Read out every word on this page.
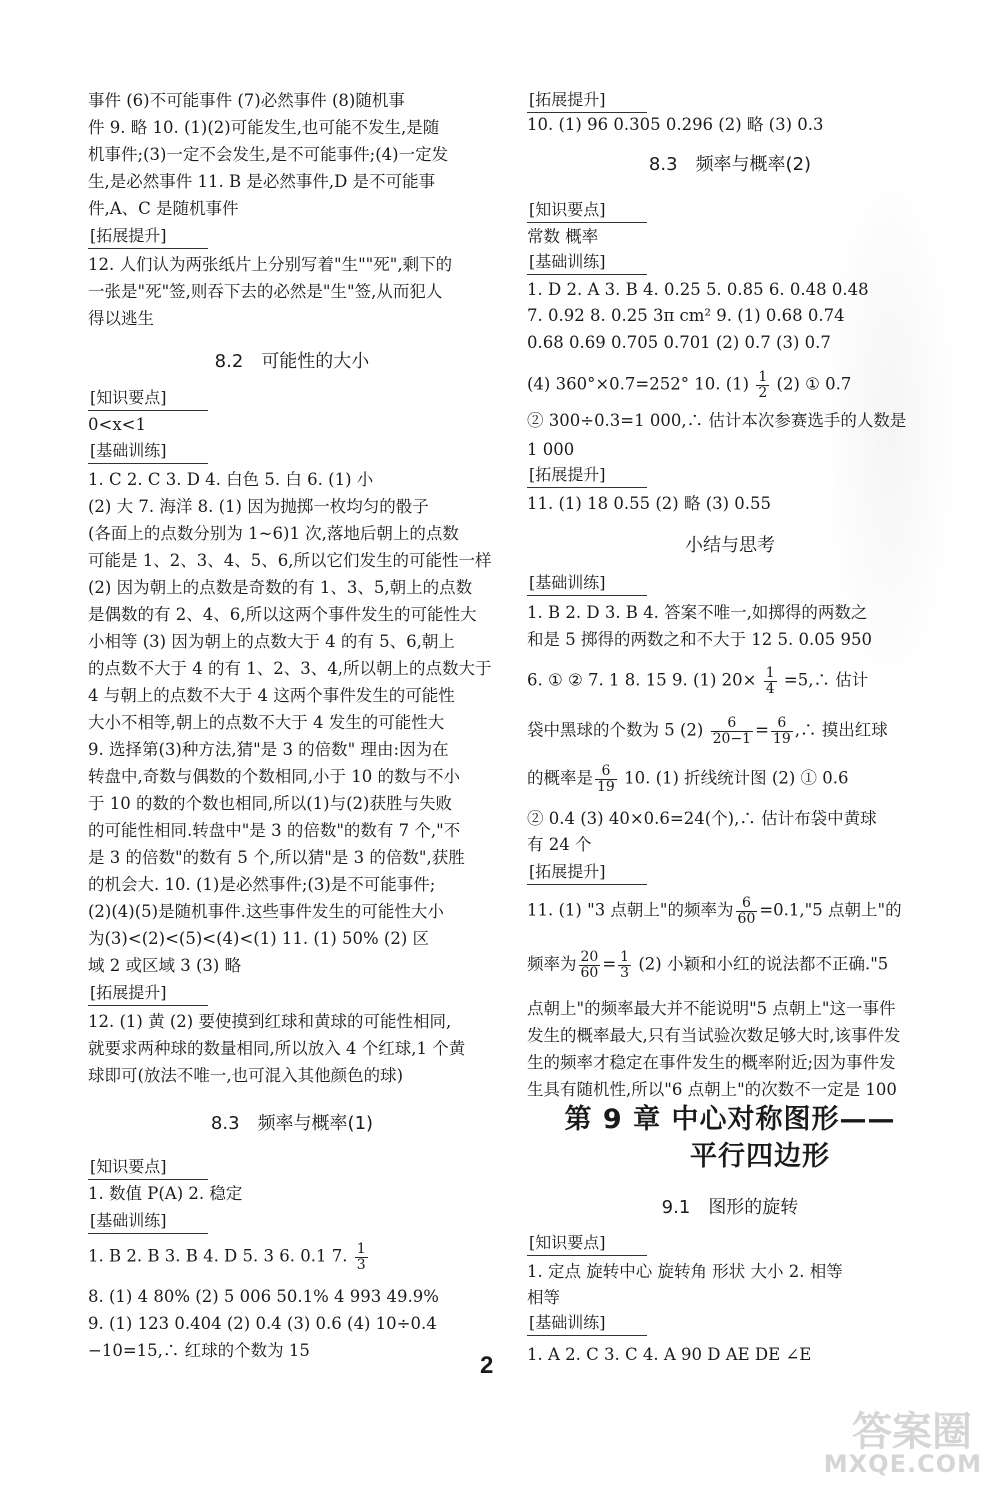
事件 (6)不可能事件 (7)必然事件 (8)随机事
件 9. 略 10. (1)(2)可能发生,也可能不发生,是随
机事件;(3)一定不会发生,是不可能事件;(4)一定发
生,是必然事件 11. B 是必然事件,D 是不可能事
件,A、C 是随机事件
[拓展提升]
12. 人们认为两张纸片上分别写着"生""死",剩下的
一张是"死"签,则吞下去的必然是"生"签,从而犯人
得以逃生
8.2 可能性的大小
[知识要点]
0<x<1
[基础训练]
1. C 2. C 3. D 4. 白色 5. 白 6. (1) 小
(2) 大 7. 海洋 8. (1) 因为抛掷一枚均匀的骰子
(各面上的点数分别为 1~6)1 次,落地后朝上的点数
可能是 1、2、3、4、5、6,所以它们发生的可能性一样
(2) 因为朝上的点数是奇数的有 1、3、5,朝上的点数
是偶数的有 2、4、6,所以这两个事件发生的可能性大
小相等 (3) 因为朝上的点数大于 4 的有 5、6,朝上
的点数不大于 4 的有 1、2、3、4,所以朝上的点数大于
4 与朝上的点数不大于 4 这两个事件发生的可能性
大小不相等,朝上的点数不大于 4 发生的可能性大
9. 选择第(3)种方法,猜"是 3 的倍数" 理由:因为在
转盘中,奇数与偶数的个数相同,小于 10 的数与不小
于 10 的数的个数也相同,所以(1)与(2)获胜与失败
的可能性相同.转盘中"是 3 的倍数"的数有 7 个,"不
是 3 的倍数"的数有 5 个,所以猜"是 3 的倍数",获胜
的机会大. 10. (1)是必然事件;(3)是不可能事件;
(2)(4)(5)是随机事件.这些事件发生的可能性大小
为(3)<(2)<(5)<(4)<(1) 11. (1) 50% (2) 区
域 2 或区域 3 (3) 略
[拓展提升]
12. (1) 黄 (2) 要使摸到红球和黄球的可能性相同,
就要求两种球的数量相同,所以放入 4 个红球,1 个黄
球即可(放法不唯一,也可混入其他颜色的球)
8.3 频率与概率(1)
[知识要点]
1. 数值 P(A) 2. 稳定
[基础训练]
1. B 2. B 3. B 4. D 5. 3 6. 0.1 7. $\frac{1}{3}$
8. (1) 4 80% (2) 5 006 50.1% 4 993 49.9%
9. (1) 123 0.404 (2) 0.4 (3) 0.6 (4) 10÷0.4
−10=15,∴ 红球的个数为 15
[拓展提升]
10. (1) 96 0.305 0.296 (2) 略 (3) 0.3
8.3 频率与概率(2)
[知识要点]
常数 概率
[基础训练]
1. D 2. A 3. B 4. 0.25 5. 0.85 6. 0.48 0.48
7. 0.92 8. 0.25 3π cm² 9. (1) 0.68 0.74
0.68 0.69 0.705 0.701 (2) 0.7 (3) 0.7
(4) 360°×0.7=252° 10. $(1) \frac{1}{2} (2)$ ① 0.7
② 300÷0.3=1 000,∴ 估计本次参赛选手的人数是
1 000
[拓展提升]
11. (1) 18 0.55 (2) 略 (3) 0.55
小结与思考
[基础训练]
1. B 2. D 3. B 4. 答案不唯一,如掷得的两数之
和是 5 掷得的两数之和不大于 12 5. 0.05 950
6. ① ② 7. 1 8. 15 9. (1) $20\times \frac{1}{4}$ =5,∴ 估计
袋中黑球的个数为 5 $(2) \frac{6}{20-1} = \frac{6}{19}$ ,∴ 摸出红球
的概率是 $\frac{6}{19} 10$. (1) 折线统计图 (2) ① 0.6
② 0.4 (3) 40×0.6=24(个),∴ 估计布袋中黄球
有 24 个
[拓展提升]
11. (1) "3 点朝上"的频率为 $\frac{6}{60}$ =0.1,"5 点朝上"的
频率为 $\frac{20}{60} = \frac{1}{3} (2)$ 小颖和小红的说法都不正确."5
点朝上"的频率最大并不能说明"5 点朝上"这一事件
发生的概率最大,只有当试验次数足够大时,该事件发
生的频率才稳定在事件发生的概率附近;因为事件发
生具有随机性,所以"6 点朝上"的次数不一定是 100
第 9 章 中心对称图形——
平行四边形
9.1 图形的旋转
[知识要点]
1. 定点 旋转中心 旋转角 形状 大小 2. 相等
相等
[基础训练]
1. A 2. C 3. C 4. A 90 D AE DE ∠E
2
答案圈
MXQE.COM
